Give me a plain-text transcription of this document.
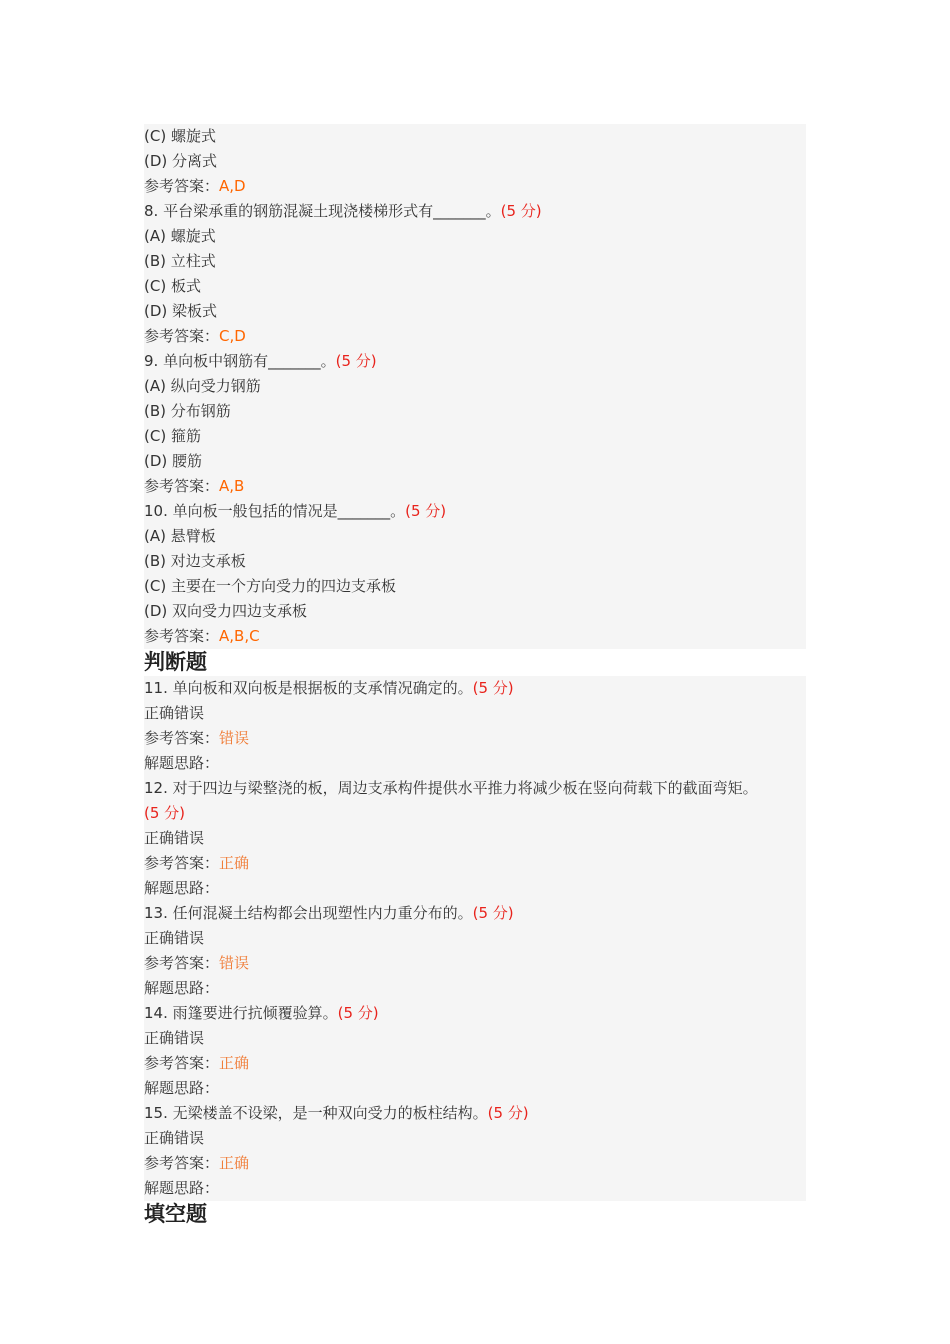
(C) 螺旋式
(D) 分离式
参考答案：A,D
8. 平台梁承重的钢筋混凝土现浇楼梯形式有_______。(5 分)
(A) 螺旋式
(B) 立柱式
(C) 板式
(D) 梁板式
参考答案：C,D
9. 单向板中钢筋有_______。(5 分)
(A) 纵向受力钢筋
(B) 分布钢筋
(C) 箍筋
(D) 腰筋
参考答案：A,B
10. 单向板一般包括的情况是_______。(5 分)
(A) 悬臂板
(B) 对边支承板
(C) 主要在一个方向受力的四边支承板
(D) 双向受力四边支承板
参考答案：A,B,C
判断题
11. 单向板和双向板是根据板的支承情况确定的。(5 分)
正确错误
参考答案：错误
解题思路：
12. 对于四边与梁整浇的板，周边支承构件提供水平推力将减少板在竖向荷载下的截面弯矩。
(5 分)
正确错误
参考答案：正确
解题思路：
13. 任何混凝土结构都会出现塑性内力重分布的。(5 分)
正确错误
参考答案：错误
解题思路：
14. 雨篷要进行抗倾覆验算。(5 分)
正确错误
参考答案：正确
解题思路：
15. 无梁楼盖不设梁，是一种双向受力的板柱结构。(5 分)
正确错误
参考答案：正确
解题思路：
填空题
